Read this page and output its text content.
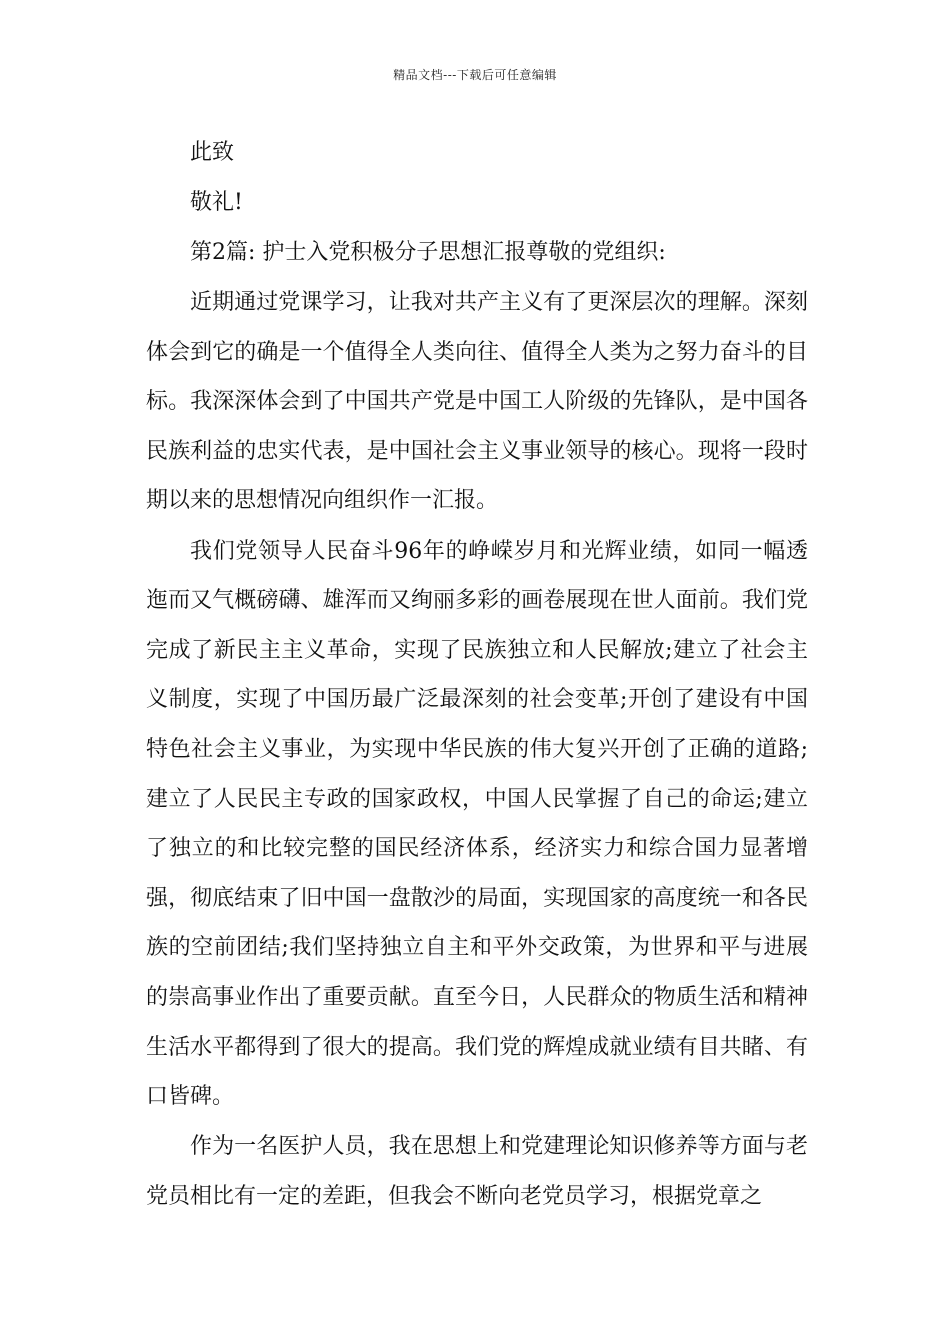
精品文档---下载后可任意编辑

此致

敬礼!

第2篇: 护士入党积极分子思想汇报尊敬的党组织:

近期通过党课学习，让我对共产主义有了更深层次的理解。深刻体会到它的确是一个值得全人类向往、值得全人类为之努力奋斗的目标。我深深体会到了中国共产党是中国工人阶级的先锋队，是中国各民族利益的忠实代表，是中国社会主义事业领导的核心。现将一段时期以来的思想情况向组织作一汇报。

我们党领导人民奋斗96年的峥嵘岁月和光辉业绩，如同一幅透迤而又气概磅礴、雄浑而又绚丽多彩的画卷展现在世人面前。我们党完成了新民主主义革命，实现了民族独立和人民解放;建立了社会主义制度，实现了中国历最广泛最深刻的社会变革;开创了建设有中国特色社会主义事业，为实现中华民族的伟大复兴开创了正确的道路;建立了人民民主专政的国家政权，中国人民掌握了自己的命运;建立了独立的和比较完整的国民经济体系，经济实力和综合国力显著增强，彻底结束了旧中国一盘散沙的局面，实现国家的高度统一和各民族的空前团结;我们坚持独立自主和平外交政策，为世界和平与进展的崇高事业作出了重要贡献。直至今日，人民群众的物质生活和精神生活水平都得到了很大的提高。我们党的辉煌成就业绩有目共睹、有口皆碑。

作为一名医护人员，我在思想上和党建理论知识修养等方面与老党员相比有一定的差距，但我会不断向老党员学习，根据党章之
